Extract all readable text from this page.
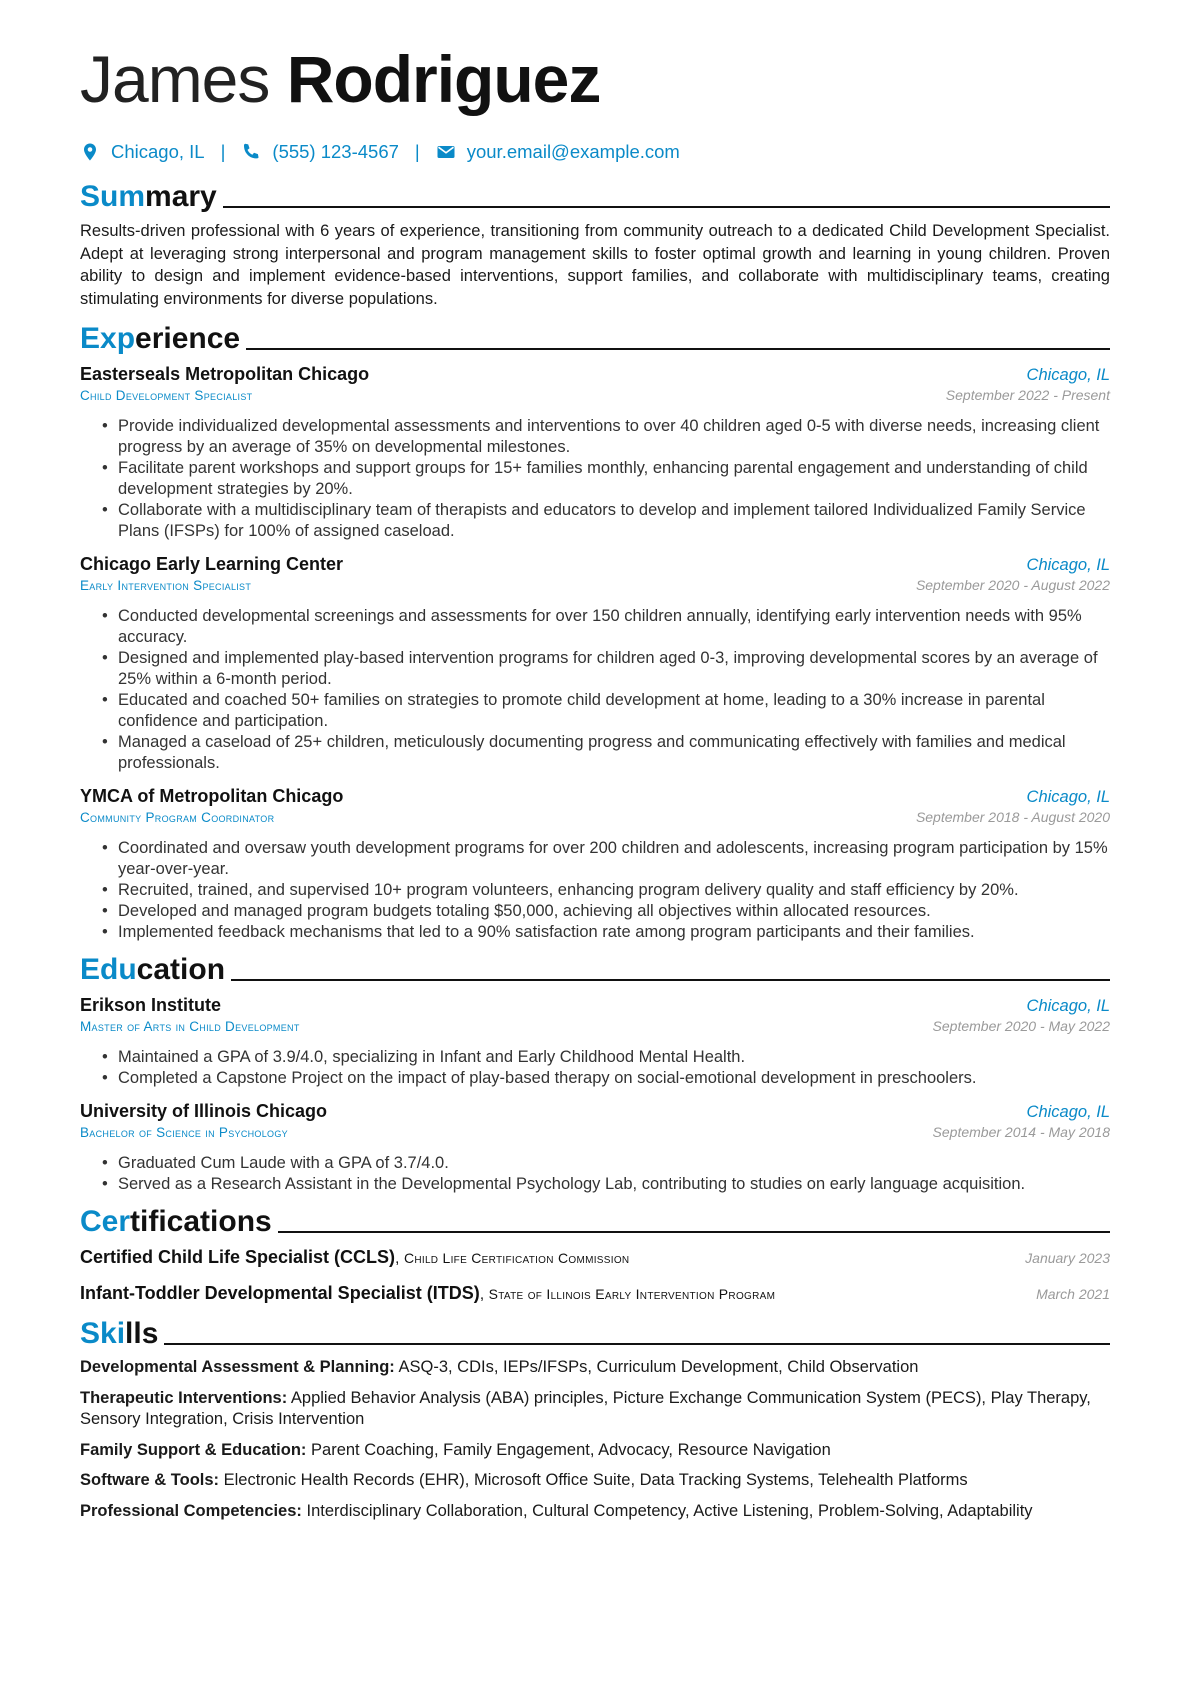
James Rodriguez
Chicago, IL |	(555) 123-4567 |	your.email@example.com
Summary

Results-driven professional with 6 years of experience, transitioning from community outreach to a dedicated Child Development Specialist. Adept at leveraging strong interpersonal and program management skills to foster optimal growth and learning in young children. Proven ability to design and implement evidence-based interventions, support families, and collaborate with multidisciplinary teams, creating stimulating environments for diverse populations.

Experience
Easterseals Metropolitan Chicago	Chicago, IL
Child Development Specialist	September 2022 - Present
• Provide individualized developmental assessments and interventions to over 40 children aged 0-5 with diverse needs, increasing client progress by an average of 35% on developmental milestones.
• Facilitate parent workshops and support groups for 15+ families monthly, enhancing parental engagement and understanding of child development strategies by 20%.
• Collaborate with a multidisciplinary team of therapists and educators to develop and implement tailored Individualized Family Service Plans (IFSPs) for 100% of assigned caseload.
Chicago Early Learning Center	Chicago, IL
Early Intervention Specialist	September 2020 - August 2022
• Conducted developmental screenings and assessments for over 150 children annually, identifying early intervention needs with 95% accuracy.
• Designed and implemented play-based intervention programs for children aged 0-3, improving developmental scores by an average of 25% within a 6-month period.
• Educated and coached 50+ families on strategies to promote child development at home, leading to a 30% increase in parental confidence and participation.
• Managed a caseload of 25+ children, meticulously documenting progress and communicating effectively with families and medical professionals.
YMCA of Metropolitan Chicago	Chicago, IL
Community Program Coordinator	September 2018 - August 2020
• Coordinated and oversaw youth development programs for over 200 children and adolescents, increasing program participation by 15% year-over-year.
• Recruited, trained, and supervised 10+ program volunteers, enhancing program delivery quality and staff efficiency by 20%.
• Developed and managed program budgets totaling $50,000, achieving all objectives within allocated resources.
• Implemented feedback mechanisms that led to a 90% satisfaction rate among program participants and their families.
Education
Erikson Institute	Chicago, IL
Master of Arts in Child Development	September 2020 - May 2022
• Maintained a GPA of 3.9/4.0, specializing in Infant and Early Childhood Mental Health.
• Completed a Capstone Project on the impact of play-based therapy on social-emotional development in preschoolers.
University of Illinois Chicago	Chicago, IL
Bachelor of Science in Psychology	September 2014 - May 2018
• Graduated Cum Laude with a GPA of 3.7/4.0.
• Served as a Research Assistant in the Developmental Psychology Lab, contributing to studies on early language acquisition.
Certifications
Certified Child Life Specialist (CCLS), Child Life Certification Commission	January 2023
Infant-Toddler Developmental Specialist (ITDS), State of Illinois Early Intervention Program	March 2021
Skills
Developmental Assessment & Planning: ASQ-3, CDIs, IEPs/IFSPs, Curriculum Development, Child Observation
Therapeutic Interventions: Applied Behavior Analysis (ABA) principles, Picture Exchange Communication System (PECS), Play Therapy, Sensory Integration, Crisis Intervention
Family Support & Education: Parent Coaching, Family Engagement, Advocacy, Resource Navigation
Software & Tools: Electronic Health Records (EHR), Microsoft Office Suite, Data Tracking Systems, Telehealth Platforms
Professional Competencies: Interdisciplinary Collaboration, Cultural Competency, Active Listening, Problem-Solving, Adaptability
